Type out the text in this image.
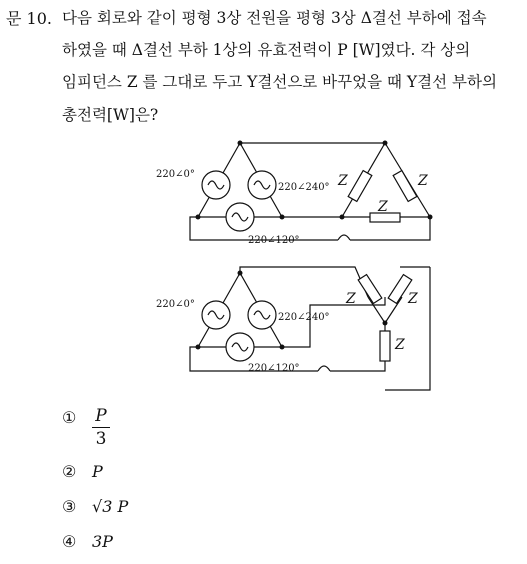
문 10. 다음 회로와 같이 평형 3상 전원을 평형 3상 Δ결선 부하에 접속
하였을 때 Δ결선 부하 1상의 유효전력이 P [W]였다. 각 상의
임피던스 Z 를 그대로 두고 Y결선으로 바꾸었을 때 Y결선 부하의
총전력[W]은?
220∠0°
220∠240°
220∠120°
220∠0°
220∠240°
220∠120°
Z	Z
Z
Z	Z
Z
① $\frac{P}{3}$
② P
③ √3 P
④ 3P
